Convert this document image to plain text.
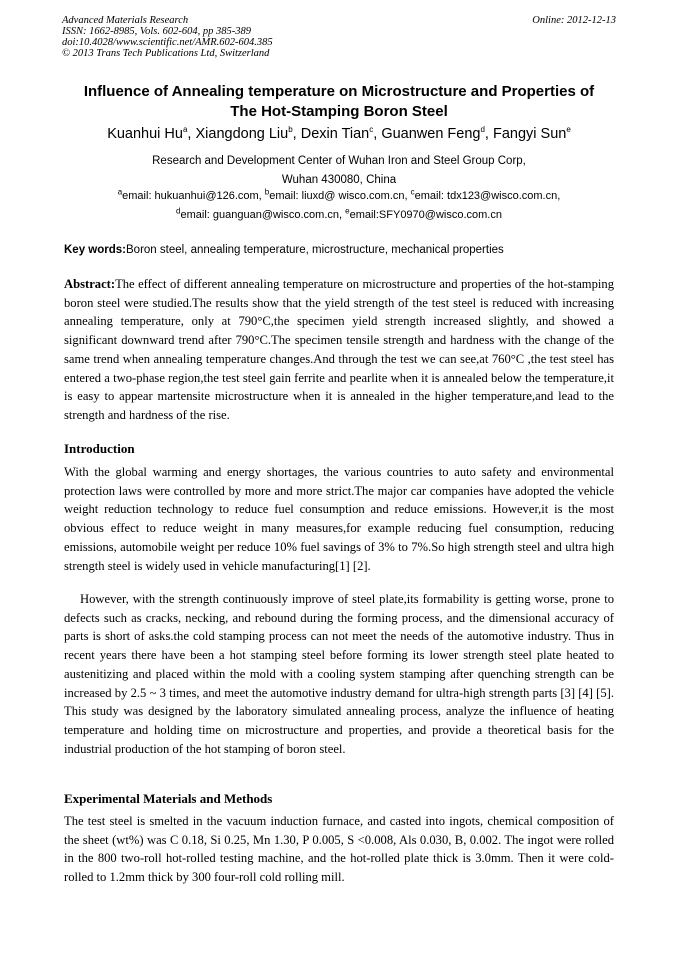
Advanced Materials Research
ISSN: 1662-8985, Vols. 602-604, pp 385-389
doi:10.4028/www.scientific.net/AMR.602-604.385
© 2013 Trans Tech Publications Ltd, Switzerland
Online: 2012-12-13
Influence of Annealing temperature on Microstructure and Properties of
The Hot-Stamping Boron Steel
Kuanhui Hu$^a$, Xiangdong Liu$^b$, Dexin Tian$^c$, Guanwen Feng$^d$, Fangyi Sun$^e$
Research and Development Center of Wuhan Iron and Steel Group Corp,
Wuhan 430080, China
$^a$email: hukuanhui@126.com, $^b$email: liuxd@ wisco.com.cn, $^c$email: tdx123@wisco.com.cn,
$^d$email: guanguan@wisco.com.cn, $^e$email:SFY0970@wisco.com.cn
Key words:Boron steel, annealing temperature, microstructure, mechanical properties
Abstract:The effect of different annealing temperature on microstructure and properties of the hot-stamping boron steel were studied.The results show that the yield strength of the test steel is reduced with increasing annealing temperature, only at 790°C,the specimen yield strength increased slightly, and showed a significant downward trend after 790°C.The specimen tensile strength and hardness with the change of the same trend when annealing temperature changes.And through the test we can see,at 760°C ,the test steel has entered a two-phase region,the test steel gain ferrite and pearlite when it is annealed below the temperature,it is easy to appear martensite microstructure when it is annealed in the higher temperature,and lead to the strength and hardness of the rise.
Introduction
With the global warming and energy shortages, the various countries to auto safety and environmental protection laws were controlled by more and more strict.The major car companies have adopted the vehicle weight reduction technology to reduce fuel consumption and reduce emissions. However,it is the most obvious effect to reduce weight in many measures,for example reducing fuel consumption, reducing emissions, automobile weight per reduce 10% fuel savings of 3% to 7%.So high strength steel and ultra high strength steel is widely used in vehicle manufacturing[1] [2].
However, with the strength continuously improve of steel plate,its formability is getting worse, prone to defects such as cracks, necking, and rebound during the forming process, and the dimensional accuracy of parts is short of asks.the cold stamping process can not meet the needs of the automotive industry. Thus in recent years there have been a hot stamping steel before forming its lower strength steel plate heated to austenitizing and placed within the mold with a cooling system stamping after quenching strength can be increased by 2.5 ~ 3 times, and meet the automotive industry demand for ultra-high strength parts [3] [4] [5]. This study was designed by the laboratory simulated annealing process, analyze the influence of heating temperature and holding time on microstructure and properties, and provide a theoretical basis for the industrial production of the hot stamping of boron steel.
Experimental Materials and Methods
The test steel is smelted in the vacuum induction furnace, and casted into ingots, chemical composition of the sheet (wt%) was C 0.18, Si 0.25, Mn 1.30, P 0.005, S <0.008, Als 0.030, B, 0.002. The ingot were rolled in the 800 two-roll hot-rolled testing machine, and the hot-rolled plate thick is 3.0mm. Then it were cold-rolled to 1.2mm thick by 300 four-roll cold rolling mill.
